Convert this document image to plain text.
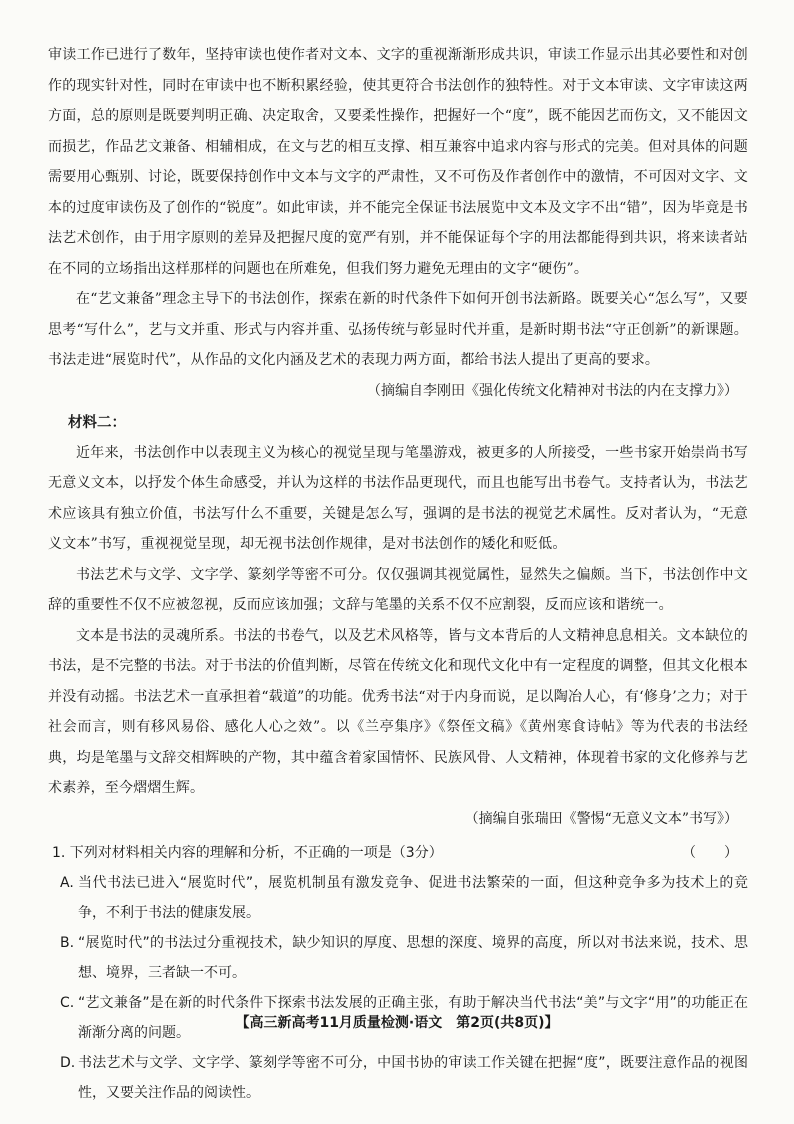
审读工作已进行了数年，坚持审读也使作者对文本、文字的重视渐渐形成共识，审读工作显示出其必要性和对创作的现实针对性，同时在审读中也不断积累经验，使其更符合书法创作的独特性。对于文本审读、文字审读这两方面，总的原则是既要判明正确、决定取舍，又要柔性操作，把握好一个“度”，既不能因艺而伤文，又不能因文而损艺，作品艺文兼备、相辅相成，在文与艺的相互支撑、相互兼容中追求内容与形式的完美。但对具体的问题需要用心甄别、讨论，既要保持创作中文本与文字的严肃性，又不可伤及作者创作中的激情，不可因对文字、文本的过度审读伤及了创作的“锐度”。如此审读，并不能完全保证书法展览中文本及文字不出“错”，因为毕竟是书法艺术创作，由于用字原则的差异及把握尺度的宽严有别，并不能保证每个字的用法都能得到共识，将来读者站在不同的立场指出这样那样的问题也在所难免，但我们努力避免无理由的文字“硬伤”。

在“艺文兼备”理念主导下的书法创作，探索在新的时代条件下如何开创书法新路。既要关心“怎么写”，又要思考“写什么”，艺与文并重、形式与内容并重、弘扬传统与彰显时代并重，是新时期书法“守正创新”的新课题。书法走进“展览时代”，从作品的文化内涵及艺术的表现力两方面，都给书法人提出了更高的要求。

（摘编自李刚田《强化传统文化精神对书法的内在支撑力》）

材料二：

近年来，书法创作中以表现主义为核心的视觉呈现与笔墨游戏，被更多的人所接受，一些书家开始崇尚书写无意义文本，以抒发个体生命感受，并认为这样的书法作品更现代，而且也能写出书卷气。支持者认为，书法艺术应该具有独立价值，书法写什么不重要，关键是怎么写，强调的是书法的视觉艺术属性。反对者认为，“无意义文本”书写，重视视觉呈现，却无视书法创作规律，是对书法创作的矮化和贬低。

书法艺术与文学、文字学、篆刻学等密不可分。仅仅强调其视觉属性，显然失之偏颇。当下，书法创作中文辞的重要性不仅不应被忽视，反而应该加强；文辞与笔墨的关系不仅不应割裂，反而应该和谐统一。

文本是书法的灵魂所系。书法的书卷气，以及艺术风格等，皆与文本背后的人文精神息息相关。文本缺位的书法，是不完整的书法。对于书法的价值判断，尽管在传统文化和现代文化中有一定程度的调整，但其文化根本并没有动摇。书法艺术一直承担着“载道”的功能。优秀书法“对于内身而说，足以陶冶人心，有‘修身’之力；对于社会而言，则有移风易俗、感化人心之效”。以《兰亭集序》《祭侄文稿》《黄州寒食诗帖》等为代表的书法经典，均是笔墨与文辞交相辉映的产物，其中蕴含着家国情怀、民族风骨、人文精神，体现着书家的文化修养与艺术素养，至今熠熠生辉。

（摘编自张瑞田《警惕“无意义文本”书写》）

1. 下列对材料相关内容的理解和分析，不正确的一项是（3分）	（　　）
A. 当代书法已进入“展览时代”，展览机制虽有激发竞争、促进书法繁荣的一面，但这种竞争多为技术上的竞争，不利于书法的健康发展。
B. “展览时代”的书法过分重视技术，缺少知识的厚度、思想的深度、境界的高度，所以对书法来说，技术、思想、境界，三者缺一不可。
C. “艺文兼备”是在新的时代条件下探索书法发展的正确主张，有助于解决当代书法“美”与文字“用”的功能正在渐渐分离的问题。
D. 书法艺术与文学、文字学、篆刻学等密不可分，中国书协的审读工作关键在把握“度”，既要注意作品的视图性，又要关注作品的阅读性。
【高三新高考11月质量检测·语文　第2页(共8页)】
